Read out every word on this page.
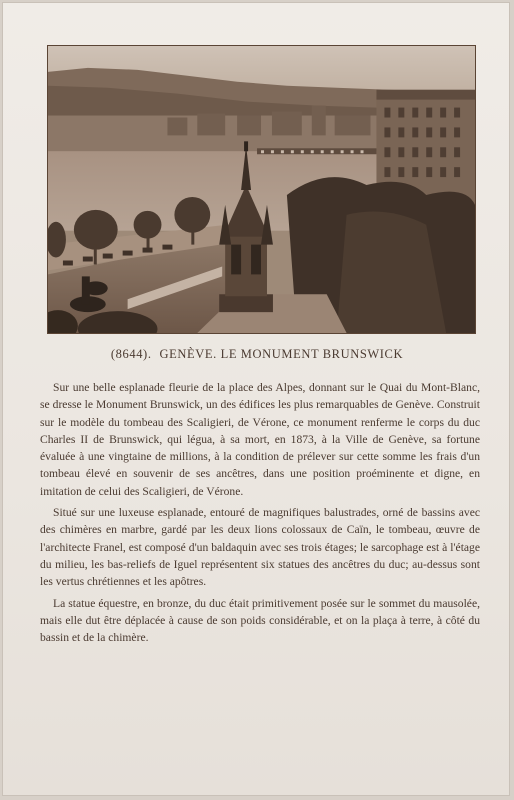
(8644). GENÈVE. LE MONUMENT BRUNSWICK

Sur une belle esplanade fleurie de la place des Alpes, donnant sur le Quai du Mont-Blanc, se dresse le Monument Brunswick, un des édifices les plus remarquables de Genève. Construit sur le modèle du tombeau des Scaligieri, de Vérone, ce monument renferme le corps du duc Charles II de Brunswick, qui légua, à sa mort, en 1873, à la Ville de Genève, sa fortune évaluée à une vingtaine de millions, à la condition de prélever sur cette somme les frais d'un tombeau élevé en souvenir de ses ancêtres, dans une position proéminente et digne, en imitation de celui des Scaligieri, de Vérone.

Situé sur une luxeuse esplanade, entouré de magnifiques balustrades, orné de bassins avec des chimères en marbre, gardé par les deux lions colossaux de Caïn, le tombeau, œuvre de l'architecte Franel, est composé d'un baldaquin avec ses trois étages; le sarcophage est à l'étage du milieu, les bas-reliefs de Iguel représentent six statues des ancêtres du duc; au-dessus sont les vertus chrétiennes et les apôtres.

La statue équestre, en bronze, du duc était primitivement posée sur le sommet du mausolée, mais elle dut être déplacée à cause de son poids considérable, et on la plaça à terre, à côté du bassin et de la chimère.
